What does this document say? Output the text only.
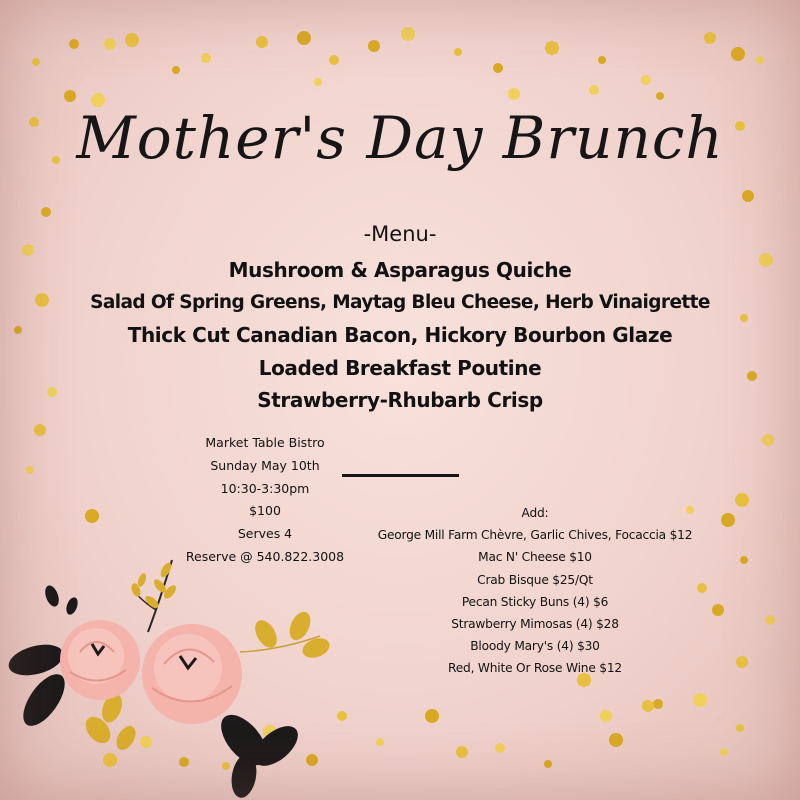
Mother's Day Brunch
-Menu-
Mushroom & Asparagus Quiche
Salad Of Spring Greens, Maytag Bleu Cheese, Herb Vinaigrette
Thick Cut Canadian Bacon, Hickory Bourbon Glaze
Loaded Breakfast Poutine
Strawberry-Rhubarb Crisp
Market Table Bistro
Sunday May 10th
10:30-3:30pm
$100
Serves 4
Reserve @ 540.822.3008
Add:
George Mill Farm Chèvre, Garlic Chives, Focaccia $12
Mac N' Cheese $10
Crab Bisque $25/Qt
Pecan Sticky Buns (4) $6
Strawberry Mimosas (4) $28
Bloody Mary's (4) $30
Red, White Or Rose Wine $12
